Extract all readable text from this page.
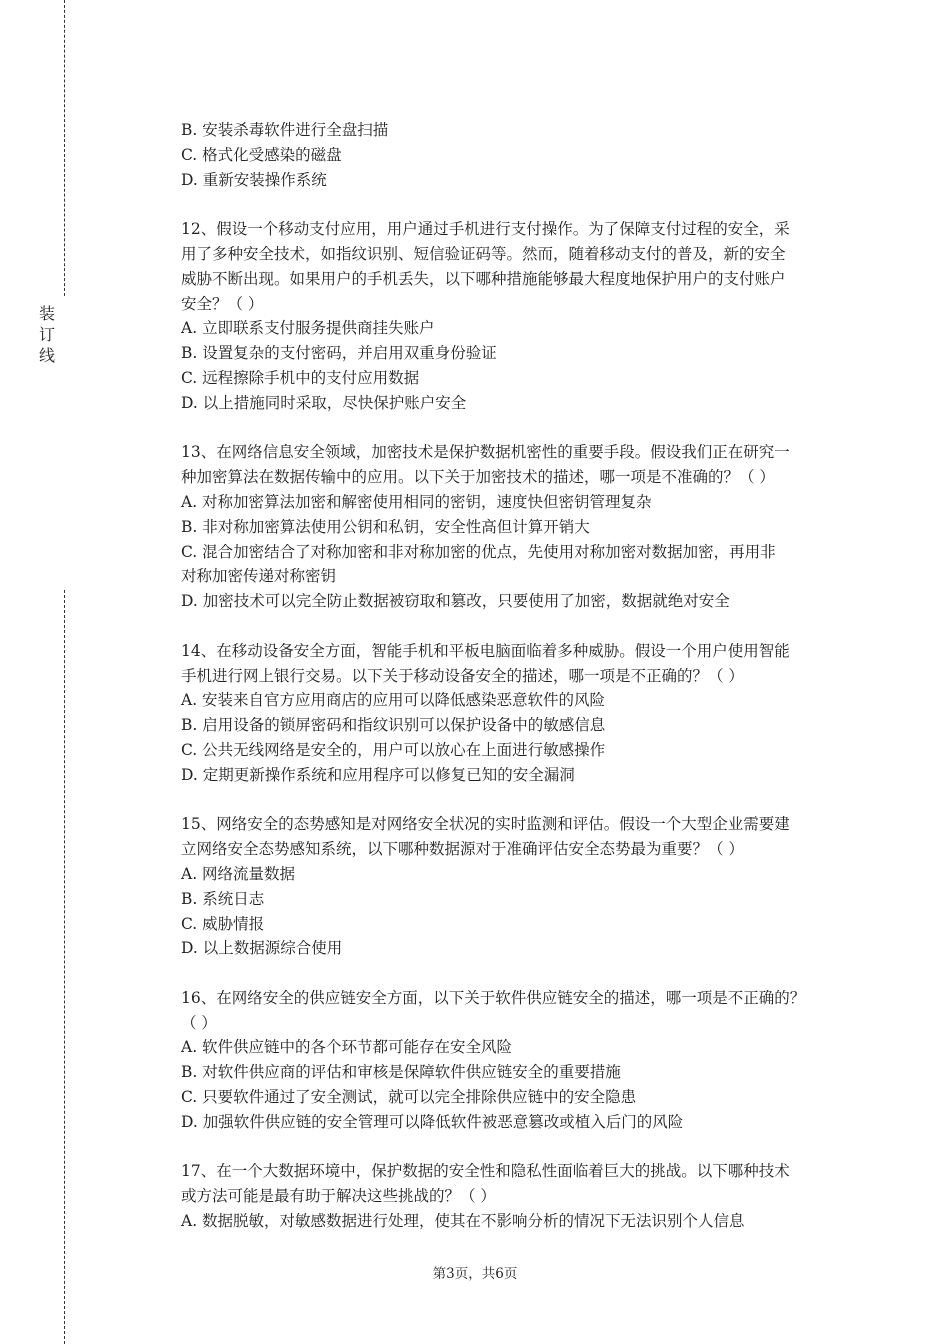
装
订
线
B. 安装杀毒软件进行全盘扫描
C. 格式化受感染的磁盘
D. 重新安装操作系统
12、假设一个移动支付应用，用户通过手机进行支付操作。为了保障支付过程的安全，采
用了多种安全技术，如指纹识别、短信验证码等。然而，随着移动支付的普及，新的安全
威胁不断出现。如果用户的手机丢失，以下哪种措施能够最大程度地保护用户的支付账户
安全？（ ）
A. 立即联系支付服务提供商挂失账户
B. 设置复杂的支付密码，并启用双重身份验证
C. 远程擦除手机中的支付应用数据
D. 以上措施同时采取，尽快保护账户安全
13、在网络信息安全领域，加密技术是保护数据机密性的重要手段。假设我们正在研究一
种加密算法在数据传输中的应用。以下关于加密技术的描述，哪一项是不准确的？（ ）
A. 对称加密算法加密和解密使用相同的密钥，速度快但密钥管理复杂
B. 非对称加密算法使用公钥和私钥，安全性高但计算开销大
C. 混合加密结合了对称加密和非对称加密的优点，先使用对称加密对数据加密，再用非
对称加密传递对称密钥
D. 加密技术可以完全防止数据被窃取和篡改，只要使用了加密，数据就绝对安全
14、在移动设备安全方面，智能手机和平板电脑面临着多种威胁。假设一个用户使用智能
手机进行网上银行交易。以下关于移动设备安全的描述，哪一项是不正确的？（ ）
A. 安装来自官方应用商店的应用可以降低感染恶意软件的风险
B. 启用设备的锁屏密码和指纹识别可以保护设备中的敏感信息
C. 公共无线网络是安全的，用户可以放心在上面进行敏感操作
D. 定期更新操作系统和应用程序可以修复已知的安全漏洞
15、网络安全的态势感知是对网络安全状况的实时监测和评估。假设一个大型企业需要建
立网络安全态势感知系统，以下哪种数据源对于准确评估安全态势最为重要？（ ）
A. 网络流量数据
B. 系统日志
C. 威胁情报
D. 以上数据源综合使用
16、在网络安全的供应链安全方面，以下关于软件供应链安全的描述，哪一项是不正确的？
（ ）
A. 软件供应链中的各个环节都可能存在安全风险
B. 对软件供应商的评估和审核是保障软件供应链安全的重要措施
C. 只要软件通过了安全测试，就可以完全排除供应链中的安全隐患
D. 加强软件供应链的安全管理可以降低软件被恶意篡改或植入后门的风险
17、在一个大数据环境中，保护数据的安全性和隐私性面临着巨大的挑战。以下哪种技术
或方法可能是最有助于解决这些挑战的？（ ）
A. 数据脱敏，对敏感数据进行处理，使其在不影响分析的情况下无法识别个人信息
第3页，共6页
